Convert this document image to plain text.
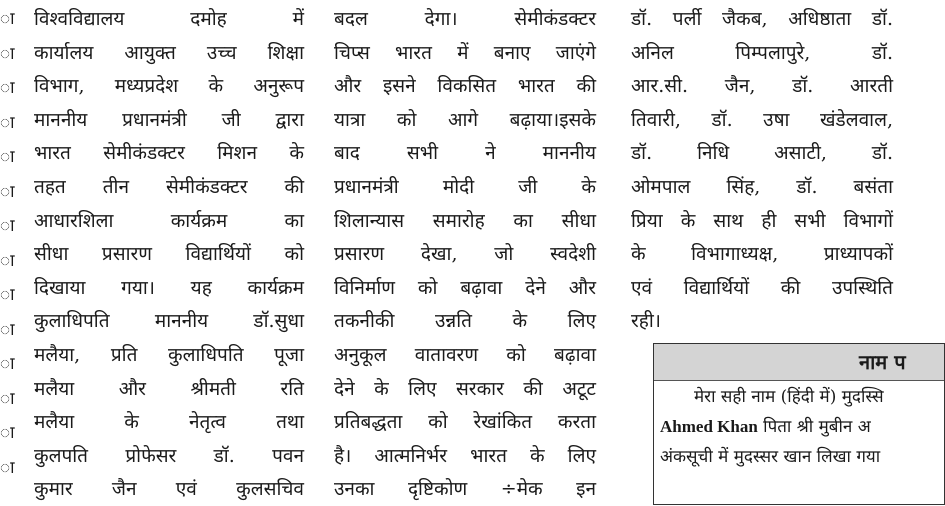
ा
ा
ा
ा
ा
ा
ा
ा
ा
ा
ा
ा
ा
ा
विश्वविद्यालय दमोह में
कार्यालय आयुक्त उच्च शिक्षा
विभाग, मध्यप्रदेश के अनुरूप
माननीय प्रधानमंत्री जी द्वारा
भारत सेमीकंडक्टर मिशन के
तहत तीन सेमीकंडक्टर की
आधारशिला कार्यक्रम का
सीधा प्रसारण विद्यार्थियों को
दिखाया गया। यह कार्यक्रम
कुलाधिपति माननीय डॉ.सुधा
मलैया, प्रति कुलाधिपति पूजा
मलैया और श्रीमती रति
मलैया के नेतृत्व तथा
कुलपति प्रोफेसर डॉ. पवन
कुमार जैन एवं कुलसचिव
बदल देगा। सेमीकंडक्टर
चिप्स भारत में बनाए जाएंगे
और इसने विकसित भारत की
यात्रा को आगे बढ़ाया।इसके
बाद सभी ने माननीय
प्रधानमंत्री मोदी जी के
शिलान्यास समारोह का सीधा
प्रसारण देखा, जो स्वदेशी
विनिर्माण को बढ़ावा देने और
तकनीकी उन्नति के लिए
अनुकूल वातावरण को बढ़ावा
देने के लिए सरकार की अटूट
प्रतिबद्धता को रेखांकित करता
है। आत्मनिर्भर भारत के लिए
उनका दृष्टिकोण ÷मेक इन
डॉ. पर्ली जैकब, अधिष्ठाता डॉ.
अनिल पिम्पलापुरे, डॉ.
आर.सी. जैन, डॉ. आरती
तिवारी, डॉ. उषा खंडेलवाल,
डॉ. निधि असाटी, डॉ.
ओमपाल सिंह, डॉ. बसंता
प्रिया के साथ ही सभी विभागों
के विभागाध्यक्ष, प्राध्यापकों
एवं विद्यार्थियों की उपस्थिति
रही।
नाम प
मेरा सही नाम (हिंदी में) मुदस्सि
Ahmed Khan पिता श्री मुबीन अ
अंकसूची में मुदस्सर खान लिखा गया
